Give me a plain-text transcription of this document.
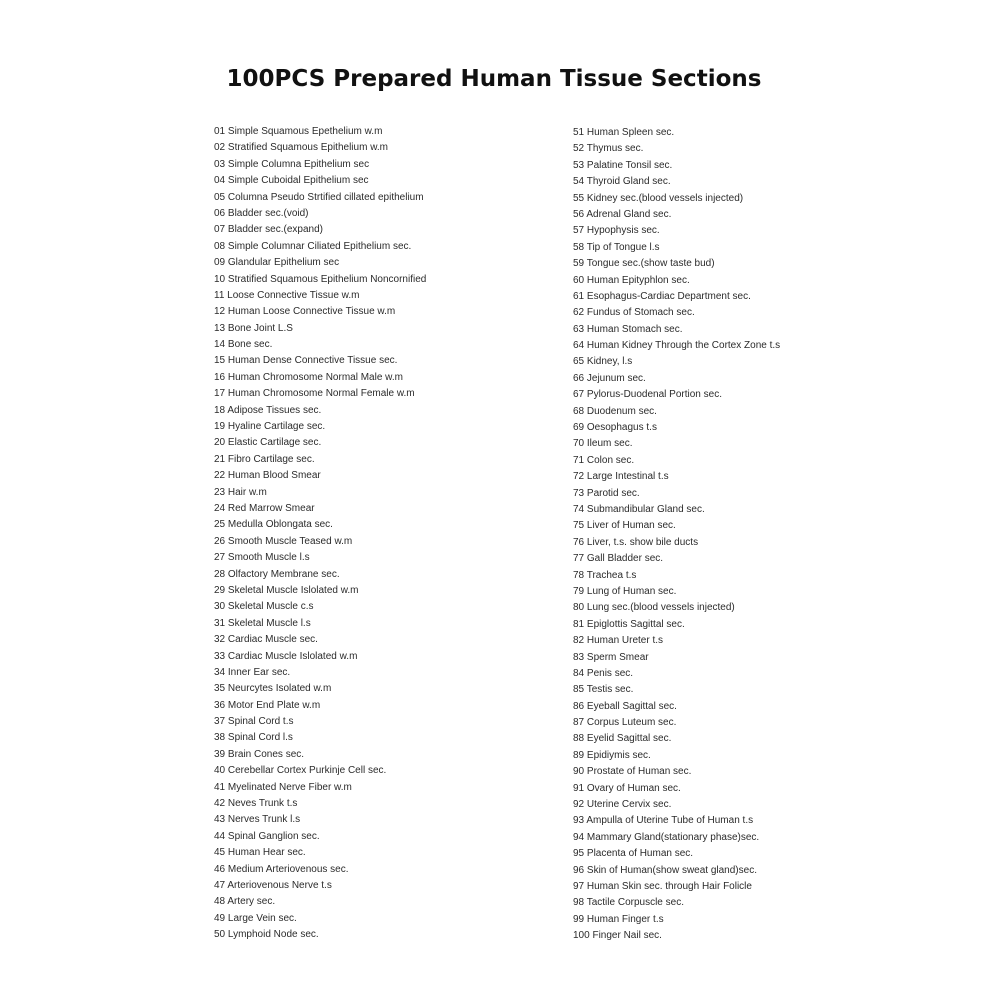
100PCS Prepared Human Tissue Sections
01 Simple Squamous Epethelium w.m
02 Stratified Squamous Epithelium w.m
03 Simple Columna Epithelium sec
04 Simple Cuboidal Epithelium sec
05 Columna Pseudo Strtified cillated epithelium
06 Bladder sec.(void)
07 Bladder sec.(expand)
08 Simple Columnar Ciliated Epithelium sec.
09 Glandular Epithelium sec
10 Stratified Squamous Epithelium Noncornified
11 Loose Connective Tissue w.m
12 Human Loose Connective Tissue w.m
13 Bone Joint L.S
14 Bone sec.
15 Human Dense Connective Tissue sec.
16 Human Chromosome Normal Male w.m
17 Human Chromosome Normal Female w.m
18 Adipose Tissues sec.
19 Hyaline Cartilage sec.
20 Elastic Cartilage sec.
21 Fibro Cartilage sec.
22 Human Blood Smear
23 Hair w.m
24 Red Marrow Smear
25 Medulla Oblongata sec.
26 Smooth Muscle Teased w.m
27 Smooth Muscle l.s
28 Olfactory Membrane sec.
29 Skeletal Muscle Islolated w.m
30 Skeletal Muscle c.s
31 Skeletal Muscle l.s
32 Cardiac Muscle sec.
33 Cardiac Muscle Islolated w.m
34 Inner Ear sec.
35 Neurcytes Isolated w.m
36 Motor End Plate w.m
37 Spinal Cord t.s
38 Spinal Cord l.s
39 Brain Cones sec.
40 Cerebellar Cortex Purkinje Cell sec.
41 Myelinated Nerve Fiber w.m
42 Neves Trunk t.s
43 Nerves Trunk l.s
44 Spinal Ganglion sec.
45 Human Hear sec.
46 Medium Arteriovenous sec.
47 Arteriovenous Nerve t.s
48 Artery sec.
49 Large Vein sec.
50 Lymphoid Node sec.
51 Human Spleen sec.
52 Thymus sec.
53 Palatine Tonsil sec.
54 Thyroid Gland sec.
55 Kidney sec.(blood vessels injected)
56 Adrenal Gland sec.
57 Hypophysis sec.
58 Tip of Tongue l.s
59 Tongue sec.(show taste bud)
60 Human Epityphlon sec.
61 Esophagus-Cardiac Department sec.
62 Fundus of Stomach sec.
63 Human Stomach sec.
64 Human Kidney Through the Cortex Zone t.s
65 Kidney, l.s
66 Jejunum sec.
67 Pylorus-Duodenal Portion sec.
68 Duodenum sec.
69 Oesophagus t.s
70 Ileum sec.
71 Colon sec.
72 Large Intestinal t.s
73 Parotid sec.
74 Submandibular Gland sec.
75 Liver of Human sec.
76 Liver, t.s. show bile ducts
77 Gall Bladder sec.
78 Trachea t.s
79 Lung of Human sec.
80 Lung sec.(blood vessels injected)
81 Epiglottis Sagittal sec.
82 Human Ureter t.s
83 Sperm Smear
84 Penis sec.
85 Testis sec.
86 Eyeball Sagittal sec.
87 Corpus Luteum sec.
88 Eyelid Sagittal sec.
89 Epidiymis sec.
90 Prostate of Human sec.
91 Ovary of Human sec.
92 Uterine Cervix sec.
93 Ampulla of Uterine Tube of Human t.s
94 Mammary Gland(stationary phase)sec.
95 Placenta of Human sec.
96 Skin of Human(show sweat gland)sec.
97 Human Skin sec. through Hair Folicle
98 Tactile Corpuscle sec.
99 Human Finger t.s
100 Finger Nail sec.
